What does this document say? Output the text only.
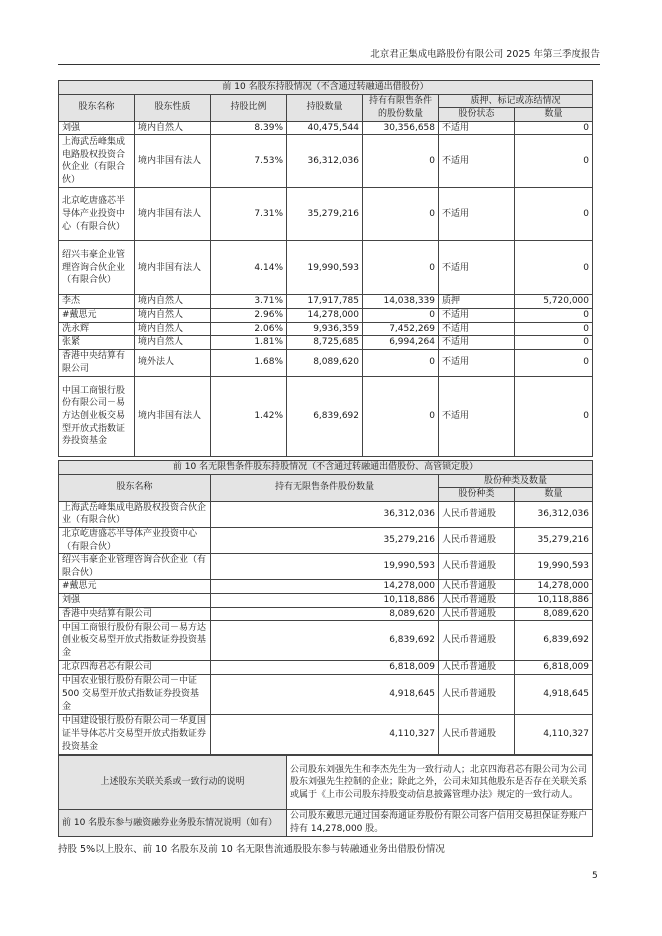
北京君正集成电路股份有限公司 2025 年第三季度报告
前 10 名股东持股情况（不含通过转融通出借股份）						
股东名称	股东性质	持股比例	持股数量	持有有限售条件的股份数量	质押、标记或冻结情况	
					股份状态	数量
刘强	境内自然人	8.39%	40,475,544	30,356,658	不适用	0
上海武岳峰集成电路股权投资合伙企业（有限合伙）	境内非国有法人	7.53%	36,312,036	0	不适用	0
北京屹唐盛芯半导体产业投资中心（有限合伙）	境内非国有法人	7.31%	35,279,216	0	不适用	0
绍兴韦豪企业管理咨询合伙企业（有限合伙）	境内非国有法人	4.14%	19,990,593	0	不适用	0
李杰	境内自然人	3.71%	17,917,785	14,038,339	质押	5,720,000
#戴思元	境内自然人	2.96%	14,278,000	0	不适用	0
冼永辉	境内自然人	2.06%	9,936,359	7,452,269	不适用	0
张紧	境内自然人	1.81%	8,725,685	6,994,264	不适用	0
香港中央结算有限公司	境外法人	1.68%	8,089,620	0	不适用	0
中国工商银行股份有限公司－易方达创业板交易型开放式指数证券投资基金	境内非国有法人	1.42%	6,839,692	0	不适用	0
前 10 名无限售条件股东持股情况（不含通过转融通出借股份、高管锁定股）			
股东名称	持有无限售条件股份数量	股份种类及数量	
		股份种类	数量
上海武岳峰集成电路股权投资合伙企业（有限合伙）	36,312,036	人民币普通股	36,312,036
北京屹唐盛芯半导体产业投资中心（有限合伙）	35,279,216	人民币普通股	35,279,216
绍兴韦豪企业管理咨询合伙企业（有限合伙）	19,990,593	人民币普通股	19,990,593
#戴思元	14,278,000	人民币普通股	14,278,000
刘强	10,118,886	人民币普通股	10,118,886
香港中央结算有限公司	8,089,620	人民币普通股	8,089,620
中国工商银行股份有限公司－易方达创业板交易型开放式指数证券投资基金	6,839,692	人民币普通股	6,839,692
北京四海君芯有限公司	6,818,009	人民币普通股	6,818,009
中国农业银行股份有限公司－中证 500 交易型开放式指数证券投资基金	4,918,645	人民币普通股	4,918,645
中国建设银行股份有限公司－华夏国证半导体芯片交易型开放式指数证券投资基金	4,110,327	人民币普通股	4,110,327
上述股东关联关系或一致行动的说明	公司股东刘强先生和李杰先生为一致行动人；北京四海君芯有限公司为公司股东刘强先生控制的企业；除此之外，公司未知其他股东是否存在关联关系或属于《上市公司股东持股变动信息披露管理办法》规定的一致行动人。
前 10 名股东参与融资融券业务股东情况说明（如有）	公司股东戴思元通过国泰海通证券股份有限公司客户信用交易担保证券账户持有 14,278,000 股。
持股 5%以上股东、前 10 名股东及前 10 名无限售流通股股东参与转融通业务出借股份情况
5
